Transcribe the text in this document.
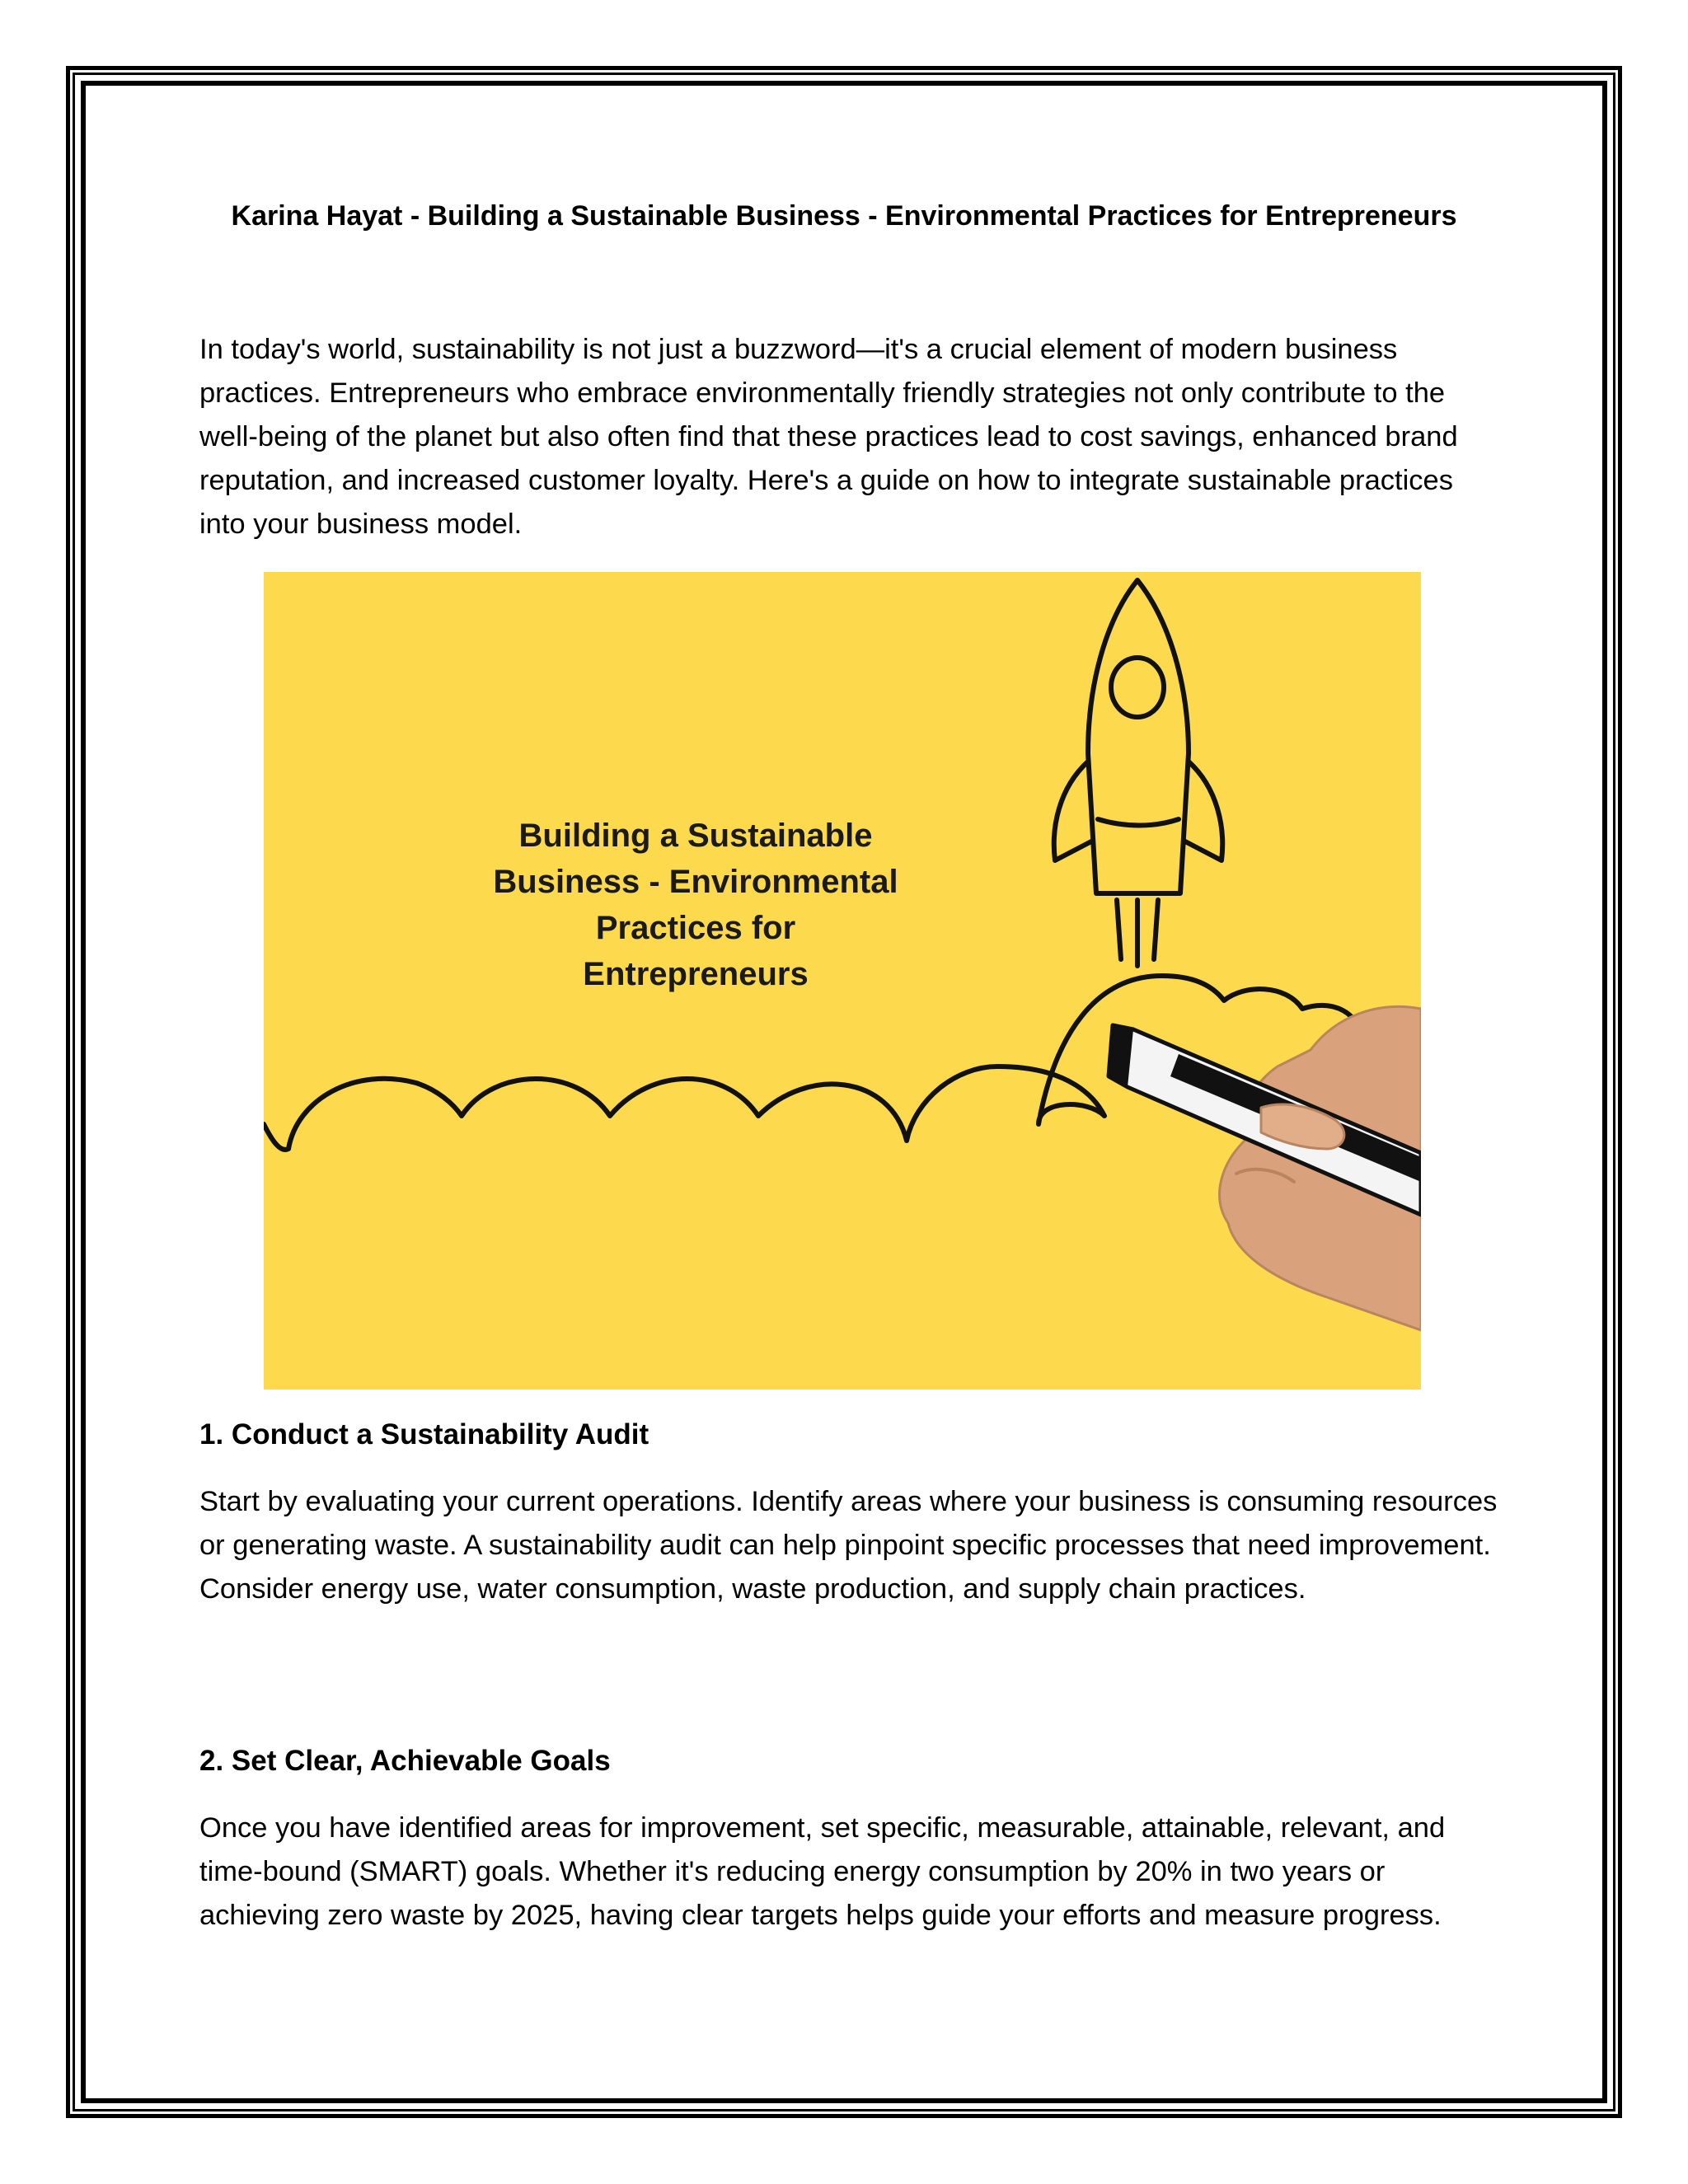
Karina Hayat - Building a Sustainable Business - Environmental Practices for Entrepreneurs

In today's world, sustainability is not just a buzzword—it's a crucial element of modern business practices. Entrepreneurs who embrace environmentally friendly strategies not only contribute to the well-being of the planet but also often find that these practices lead to cost savings, enhanced brand reputation, and increased customer loyalty. Here's a guide on how to integrate sustainable practices into your business model.

Building a Sustainable
Business - Environmental
Practices for
Entrepreneurs

1. Conduct a Sustainability Audit

Start by evaluating your current operations. Identify areas where your business is consuming resources or generating waste. A sustainability audit can help pinpoint specific processes that need improvement. Consider energy use, water consumption, waste production, and supply chain practices.

2. Set Clear, Achievable Goals

Once you have identified areas for improvement, set specific, measurable, attainable, relevant, and time-bound (SMART) goals. Whether it's reducing energy consumption by 20% in two years or achieving zero waste by 2025, having clear targets helps guide your efforts and measure progress.
